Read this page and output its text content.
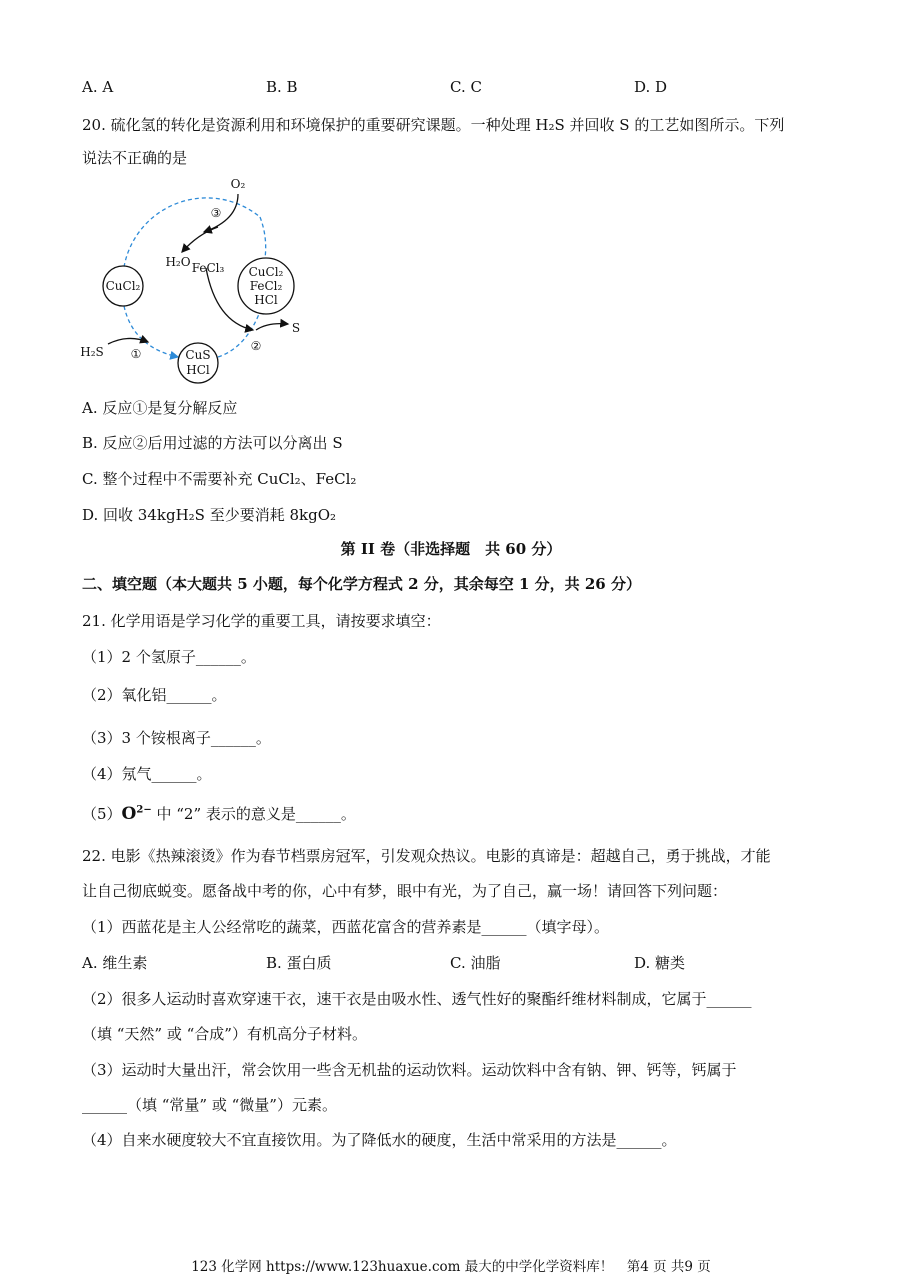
A. A	B. B	C. C	D. D
20. 硫化氢的转化是资源利用和环境保护的重要研究课题。一种处理 H₂S 并回收 S 的工艺如图所示。下列
说法不正确的是
O₂
③
H₂O FeCl₃
CuCl₂
CuCl₂
FeCl₂
HCl
CuS
HCl
H₂S ①
②
S
A. 反应①是复分解反应
B. 反应②后用过滤的方法可以分离出 S
C. 整个过程中不需要补充 CuCl₂、FeCl₂
D. 回收 34kgH₂S 至少要消耗 8kgO₂
第 II 卷（非选择题　共 60 分）
二、填空题（本大题共 5 小题，每个化学方程式 2 分，其余每空 1 分，共 26 分）
21. 化学用语是学习化学的重要工具，请按要求填空：
（1）2 个氢原子______。
（2）氧化铝______。
（3）3 个铵根离子______。
（4）氖气______。
$(5)O^{2-}$ 中 “2” 表示的意义是______。
22. 电影《热辣滚烫》作为春节档票房冠军，引发观众热议。电影的真谛是：超越自己，勇于挑战，才能
让自己彻底蜕变。愿备战中考的你，心中有梦，眼中有光，为了自己，赢一场！请回答下列问题：
（1）西蓝花是主人公经常吃的蔬菜，西蓝花富含的营养素是______（填字母）。
A. 维生素	B. 蛋白质	C. 油脂	D. 糖类
（2）很多人运动时喜欢穿速干衣，速干衣是由吸水性、透气性好的聚酯纤维材料制成，它属于______
（填 “天然” 或 “合成”）有机高分子材料。
（3）运动时大量出汗，常会饮用一些含无机盐的运动饮料。运动饮料中含有钠、钾、钙等，钙属于
______（填 “常量” 或 “微量”）元素。
（4）自来水硬度较大不宜直接饮用。为了降低水的硬度，生活中常采用的方法是______。
123 化学网 https://www.123huaxue.com 最大的中学化学资料库！　第4 页 共9 页
